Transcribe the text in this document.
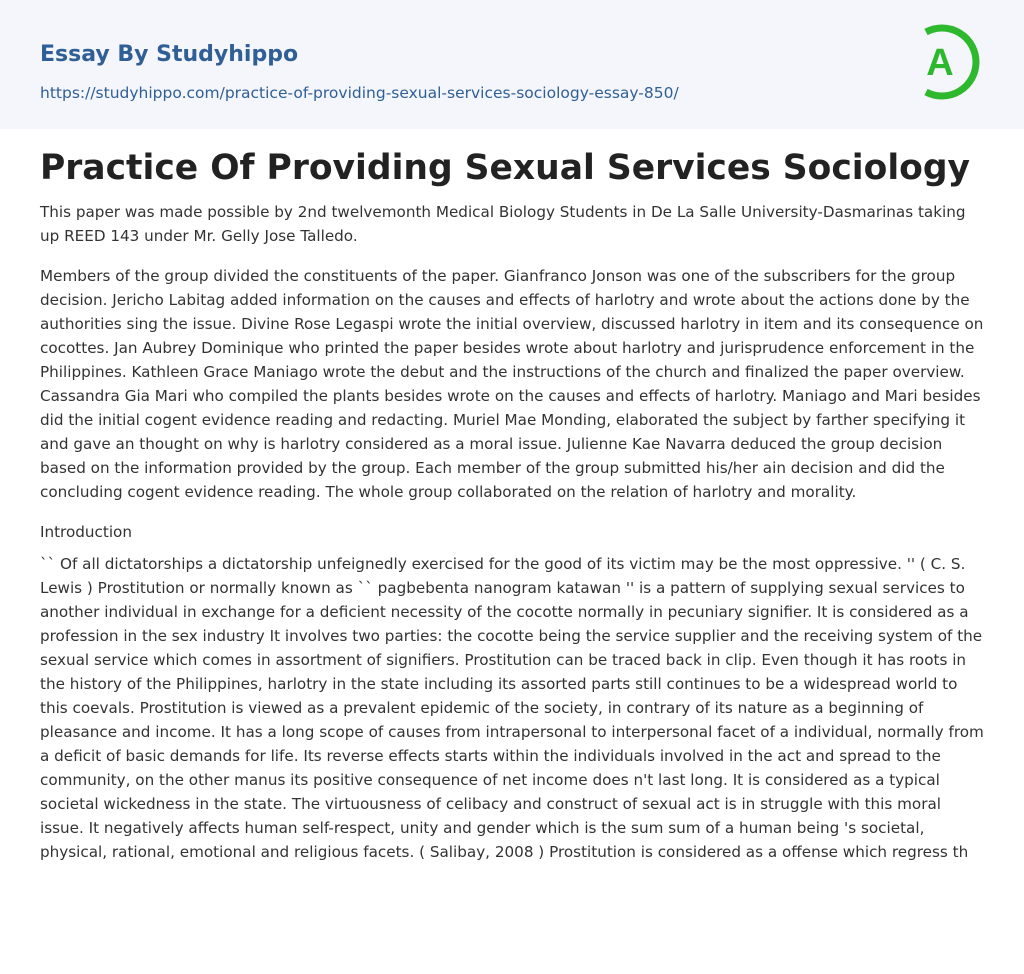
Essay By Studyhippo
https://studyhippo.com/practice-of-providing-sexual-services-sociology-essay-850/
A
Practice Of Providing Sexual Services Sociology

This paper was made possible by 2nd twelvemonth Medical Biology Students in De La Salle University-Dasmarinas taking up REED 143 under Mr. Gelly Jose Talledo.

Members of the group divided the constituents of the paper. Gianfranco Jonson was one of the subscribers for the group decision. Jericho Labitag added information on the causes and effects of harlotry and wrote about the actions done by the authorities sing the issue. Divine Rose Legaspi wrote the initial overview, discussed harlotry in item and its consequence on cocottes. Jan Aubrey Dominique who printed the paper besides wrote about harlotry and jurisprudence enforcement in the Philippines. Kathleen Grace Maniago wrote the debut and the instructions of the church and finalized the paper overview. Cassandra Gia Mari who compiled the plants besides wrote on the causes and effects of harlotry. Maniago and Mari besides did the initial cogent evidence reading and redacting. Muriel Mae Monding, elaborated the subject by farther specifying it and gave an thought on why is harlotry considered as a moral issue. Julienne Kae Navarra deduced the group decision based on the information provided by the group. Each member of the group submitted his/her ain decision and did the concluding cogent evidence reading. The whole group collaborated on the relation of harlotry and morality.

Introduction

`` Of all dictatorships a dictatorship unfeignedly exercised for the good of its victim may be the most oppressive. '' ( C. S. Lewis ) Prostitution or normally known as `` pagbebenta nanogram katawan '' is a pattern of supplying sexual services to another individual in exchange for a deficient necessity of the cocotte normally in pecuniary signifier. It is considered as a profession in the sex industry It involves two parties: the cocotte being the service supplier and the receiving system of the sexual service which comes in assortment of signifiers. Prostitution can be traced back in clip. Even though it has roots in the history of the Philippines, harlotry in the state including its assorted parts still continues to be a widespread world to this coevals. Prostitution is viewed as a prevalent epidemic of the society, in contrary of its nature as a beginning of pleasance and income. It has a long scope of causes from intrapersonal to interpersonal facet of a individual, normally from a deficit of basic demands for life. Its reverse effects starts within the individuals involved in the act and spread to the community, on the other manus its positive consequence of net income does n't last long. It is considered as a typical societal wickedness in the state. The virtuousness of celibacy and construct of sexual act is in struggle with this moral issue. It negatively affects human self-respect, unity and gender which is the sum sum of a human being 's societal, physical, rational, emotional and religious facets. ( Salibay, 2008 ) Prostitution is considered as a offense which regress th
